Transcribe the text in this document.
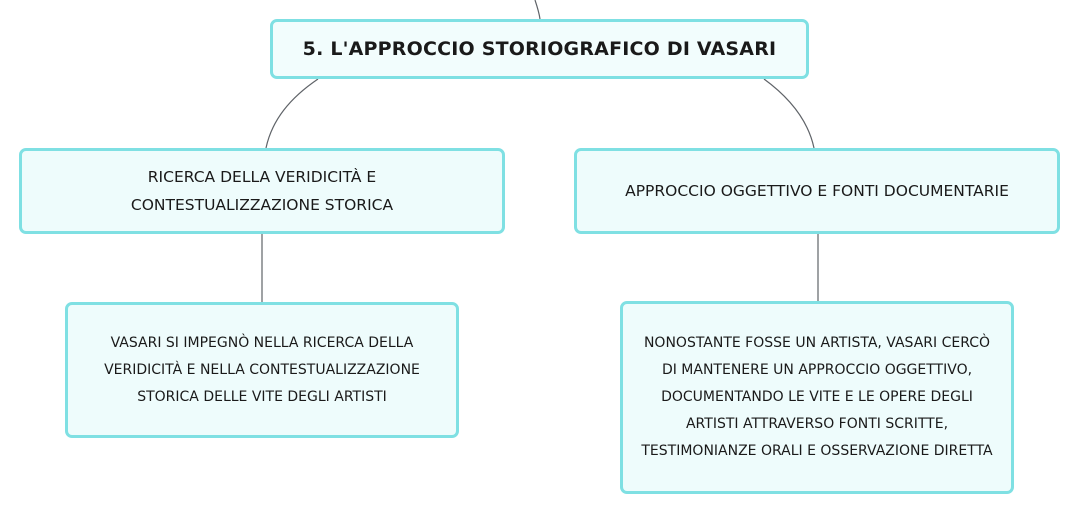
5. L'APPROCCIO STORIOGRAFICO DI VASARI
RICERCA DELLA VERIDICITÀ E CONTESTUALIZZAZIONE STORICA
APPROCCIO OGGETTIVO E FONTI DOCUMENTARIE
VASARI SI IMPEGNÒ NELLA RICERCA DELLA VERIDICITÀ E NELLA CONTESTUALIZZAZIONE STORICA DELLE VITE DEGLI ARTISTI
NONOSTANTE FOSSE UN ARTISTA, VASARI CERCÒ DI MANTENERE UN APPROCCIO OGGETTIVO, DOCUMENTANDO LE VITE E LE OPERE DEGLI ARTISTI ATTRAVERSO FONTI SCRITTE, TESTIMONIANZE ORALI E OSSERVAZIONE DIRETTA
